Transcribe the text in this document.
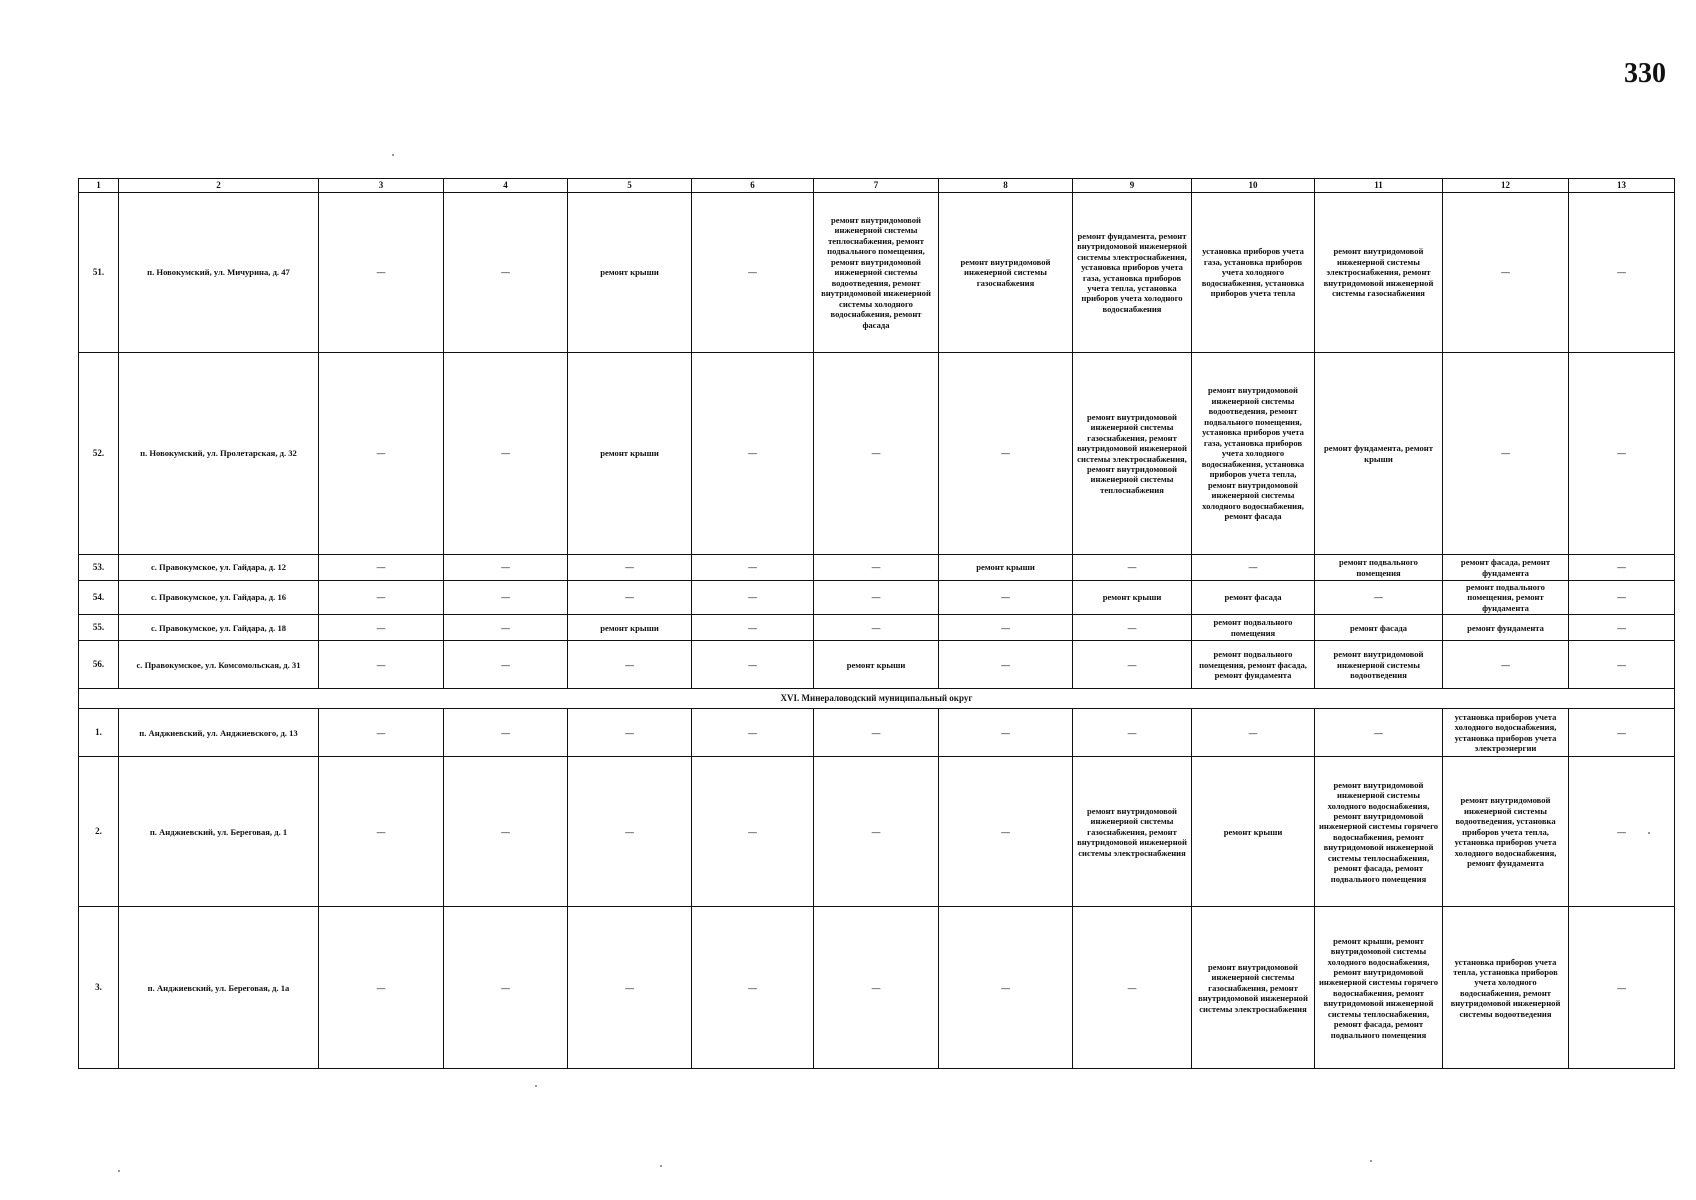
330
1	2	3	4	5	6	7	8	9	10	11	12	13
51.	п. Новокумский, ул. Мичурина, д. 47	—	—	ремонт крыши	—	ремонт внутридомовой инженерной системы теплоснабжения, ремонт подвального помещения, ремонт внутридомовой инженерной системы водоотведения, ремонт внутридомовой инженерной системы холодного водоснабжения, ремонт фасада	ремонт внутридомовой инженерной системы газоснабжения	ремонт фундамента, ремонт внутридомовой инженерной системы электроснабжения, установка приборов учета газа, установка приборов учета тепла, установка приборов учета холодного водоснабжения	установка приборов учета газа, установка приборов учета холодного водоснабжения, установка приборов учета тепла	ремонт внутридомовой инженерной системы электроснабжения, ремонт внутридомовой инженерной системы газоснабжения	—	—
52.	п. Новокумский, ул. Пролетарская, д. 32	—	—	ремонт крыши	—	—	—	ремонт внутридомовой инженерной системы газоснабжения, ремонт внутридомовой инженерной системы электроснабжения, ремонт внутридомовой инженерной системы теплоснабжения	ремонт внутридомовой инженерной системы водоотведения, ремонт подвального помещения, установка приборов учета газа, установка приборов учета холодного водоснабжения, установка приборов учета тепла, ремонт внутридомовой инженерной системы холодного водоснабжения, ремонт фасада	ремонт фундамента, ремонт крыши	—	—
53.	с. Правокумское, ул. Гайдара, д. 12	—	—	—	—	—	ремонт крыши	—	—	ремонт подвального помещения	ремонт фасада, ремонт фундамента	—
54.	с. Правокумское, ул. Гайдара, д. 16	—	—	—	—	—	—	ремонт крыши	ремонт фасада	—	ремонт подвального помещения, ремонт фундамента	—
55.	с. Правокумское, ул. Гайдара, д. 18	—	—	ремонт крыши	—	—	—	—	ремонт подвального помещения	ремонт фасада	ремонт фундамента	—
56.	с. Правокумское, ул. Комсомольская, д. 31	—	—	—	—	ремонт крыши	—	—	ремонт подвального помещения, ремонт фасада, ремонт фундамента	ремонт внутридомовой инженерной системы водоотведения	—	—
XVI. Минераловодский муниципальный округ												
1.	п. Анджиевский, ул. Анджиевского, д. 13	—	—	—	—	—	—	—	—	—	установка приборов учета холодного водоснабжения, установка приборов учета электроэнергии	—
2.	п. Анджиевский, ул. Береговая, д. 1	—	—	—	—	—	—	ремонт внутридомовой инженерной системы газоснабжения, ремонт внутридомовой инженерной системы электроснабжения	ремонт крыши	ремонт внутридомовой инженерной системы холодного водоснабжения, ремонт внутридомовой инженерной системы горячего водоснабжения, ремонт внутридомовой инженерной системы теплоснабжения, ремонт фасада, ремонт подвального помещения	ремонт внутридомовой инженерной системы водоотведения, установка приборов учета тепла, установка приборов учета холодного водоснабжения, ремонт фундамента	—
3.	п. Анджиевский, ул. Береговая, д. 1а	—	—	—	—	—	—	—	ремонт внутридомовой инженерной системы газоснабжения, ремонт внутридомовой инженерной системы электроснабжения	ремонт крыши, ремонт внутридомовой системы холодного водоснабжения, ремонт внутридомовой инженерной системы горячего водоснабжения, ремонт внутридомовой инженерной системы теплоснабжения, ремонт фасада, ремонт подвального помещения	установка приборов учета тепла, установка приборов учета холодного водоснабжения, ремонт внутридомовой инженерной системы водоотведения	—
